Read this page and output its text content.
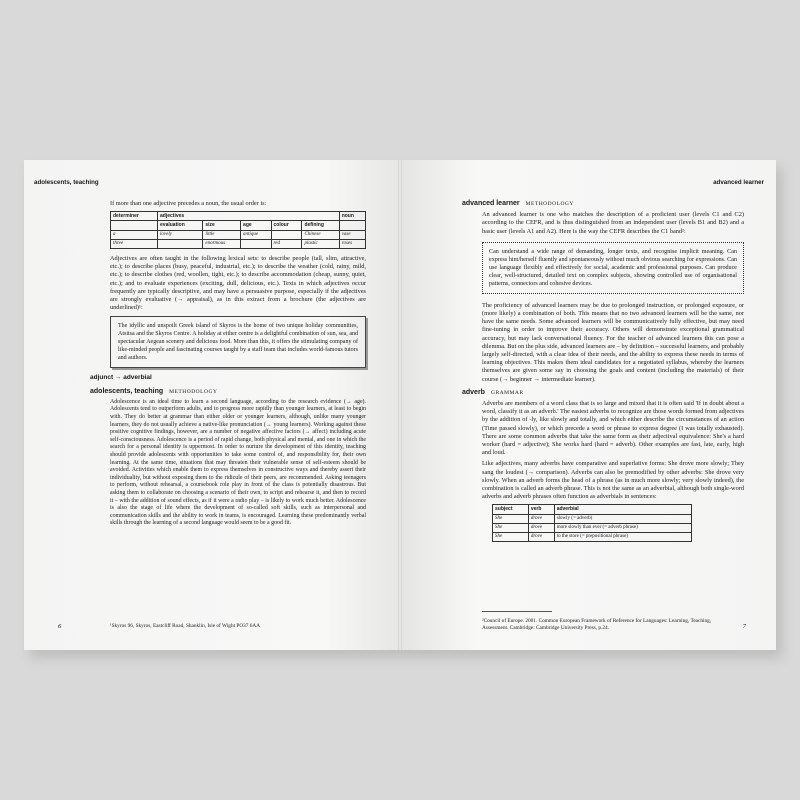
adolescents, teaching

If more than one adjective precedes a noun, the usual order is:

determiner	adjectives					noun
	evaluation	size	age	colour	defining	
a	lovely	little	antique		Chinese	vase
three		enormous		red	plastic	roses

Adjectives are often taught in the following lexical sets: to describe people (tall, slim, attractive, etc.); to describe places (busy, peaceful, industrial, etc.); to describe the weather (cold, rainy, mild, etc.); to describe clothes (red, woollen, tight, etc.); to describe accommodation (cheap, sunny, quiet, etc.); and to evaluate experiences (exciting, dull, delicious, etc.). Texts in which adjectives occur frequently are typically descriptive, and may have a persuasive purpose, especially if the adjectives are strongly evaluative (→ appraisal), as in this extract from a brochure (the adjectives are underlined)¹:

The idyllic and unspoilt Greek island of Skyros is the home of two unique holiday communities, Atsitsa and the Skyros Centre. A holiday at either centre is a delightful combination of sun, sea, and spectacular Aegean scenery and delicious food. More than this, it offers the stimulating company of like-minded people and fascinating courses taught by a staff team that includes world-famous tutors and authors.
adjunct → adverbial
adolescents, teaching METHODOLOGY

Adolescence is an ideal time to learn a second language, according to the research evidence (→ age). Adolescents tend to outperform adults, and to progress more rapidly than younger learners, at least to begin with. They do better at grammar than either older or younger learners, although, unlike many younger learners, they do not usually achieve a native-like pronunciation (→ young learners). Working against these positive cognitive findings, however, are a number of negative affective factors (→ affect) including acute self-consciousness. Adolescence is a period of rapid change, both physical and mental, and one in which the search for a personal identity is uppermost. In order to nurture the development of this identity, teaching should provide adolescents with opportunities to take some control of, and responsibility for, their own learning. At the same time, situations that may threaten their vulnerable sense of self-esteem should be avoided. Activities which enable them to express themselves in constructive ways and thereby assert their individuality, but without exposing them to the ridicule of their peers, are recommended. Asking teenagers to perform, without rehearsal, a coursebook role play in front of the class is potentially disastrous. But asking them to collaborate on choosing a scenario of their own, to script and rehearse it, and then to record it – with the addition of sound effects, as if it were a radio play – is likely to work much better. Adolescence is also the stage of life where the development of so-called soft skills, such as interpersonal and communication skills and the ability to work in teams, is encouraged. Learning these predominantly verbal skills through the learning of a second language would seem to be a good fit.

6	¹Skyros 96, Skyros, Eastcliff Road, Shanklin, Isle of Wight PO37 6AA
advanced learner
advanced learner METHODOLOGY

An advanced learner is one who matches the description of a proficient user (levels C1 and C2) according to the CEFR, and is thus distinguished from an independent user (levels B1 and B2) and a basic user (levels A1 and A2). Here is the way the CEFR describes the C1 band²:

Can understand a wide range of demanding, longer texts, and recognise implicit meaning. Can express him/herself fluently and spontaneously without much obvious searching for expressions. Can use language flexibly and effectively for social, academic and professional purposes. Can produce clear, well-structured, detailed text on complex subjects, showing controlled use of organisational patterns, connectors and cohesive devices.

The proficiency of advanced learners may be due to prolonged instruction, or prolonged exposure, or (more likely) a combination of both. This means that no two advanced learners will be the same, nor have the same needs. Some advanced learners will be communicatively fully effective, but may need fine-tuning in order to improve their accuracy. Others will demonstrate exceptional grammatical accuracy, but may lack conversational fluency. For the teacher of advanced learners this can pose a dilemma. But on the plus side, advanced learners are – by definition – successful learners, and probably largely self-directed, with a clear idea of their needs, and the ability to express these needs in terms of learning objectives. This makes them ideal candidates for a negotiated syllabus, whereby the learners themselves are given some say in choosing the goals and content (including the materials) of their course (→ beginner → intermediate learner).

adverb GRAMMAR

Adverbs are members of a word class that is so large and mixed that it is often said 'If in doubt about a word, classify it as an adverb.' The easiest adverbs to recognize are those words formed from adjectives by the addition of -ly, like slowly and totally, and which either describe the circumstances of an action (Time passed slowly), or which precede a word or phrase to express degree (I was totally exhausted). There are some common adverbs that take the same form as their adjectival equivalence: She's a hard worker (hard = adjective); She works hard (hard = adverb). Other examples are fast, late, early, high and loud.

Like adjectives, many adverbs have comparative and superlative forms: She drove more slowly; They sang the loudest (→ comparison). Adverbs can also be premodified by other adverbs: She drove very slowly. When an adverb forms the head of a phrase (as in much more slowly; very slowly indeed), the combination is called an adverb phrase. This is not the same as an adverbial, although both single-word adverbs and adverb phrases often function as adverbials in sentences:

subject	verb	adverbial
She	drove	slowly (= adverb)
She	drove	more slowly than ever (= adverb phrase)
She	drove	to the store (= prepositional phrase)
²Council of Europe. 2001. Common European Framework of Reference for Languages: Learning, Teaching, Assessment. Cambridge: Cambridge University Press, p.24.	7
